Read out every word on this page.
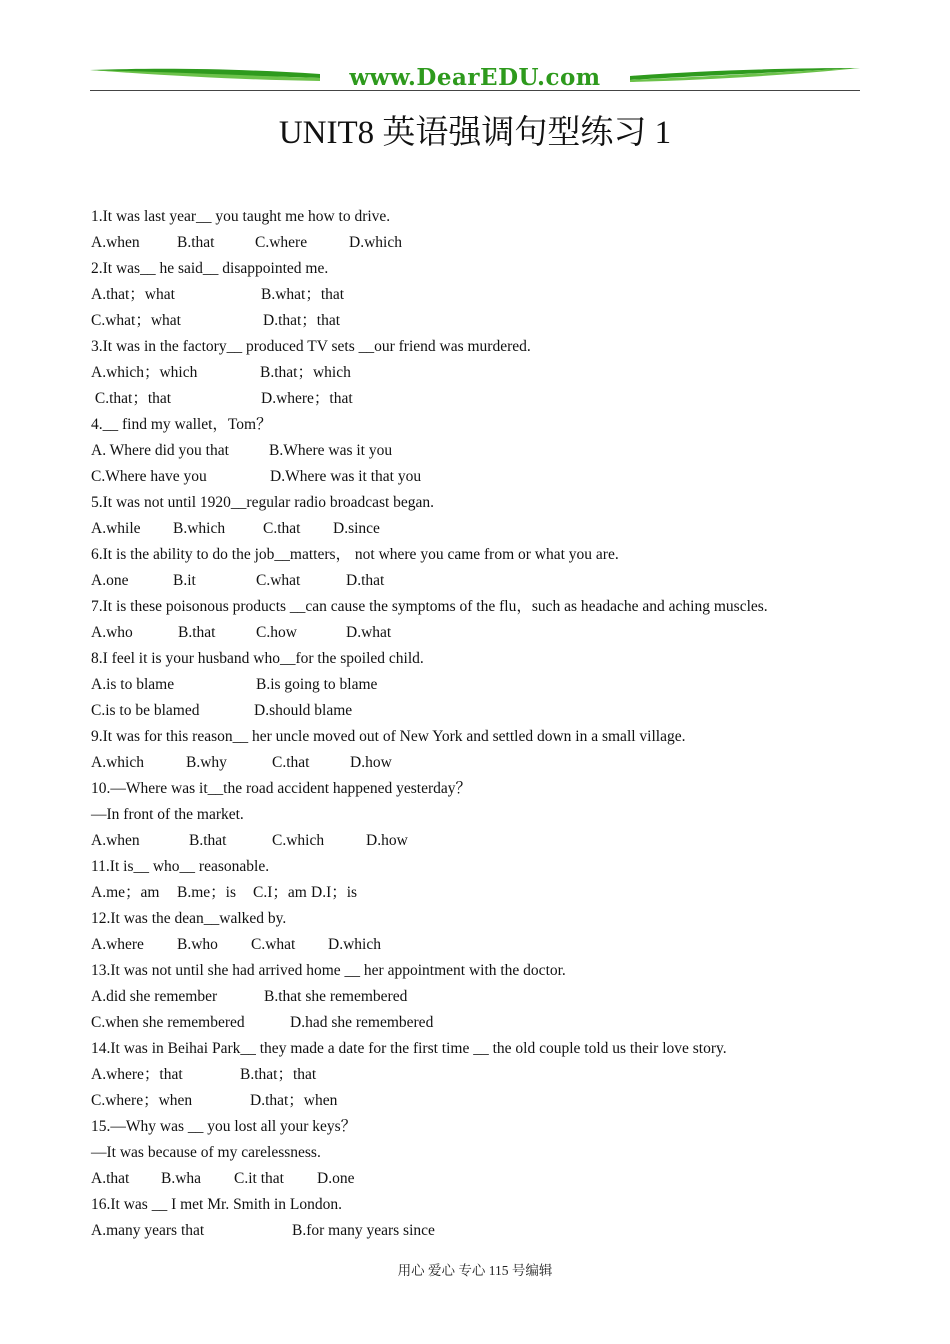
www.DearEDU.com
UNIT8 英语强调句型练习 1
1.It was last year__ you taught me how to drive.
A.when	B.that	C.where	D.which
2.It was__ he said__ disappointed me.
A.that；what	B.what；that
C.what；what	D.that；that
3.It was in the factory__ produced TV sets __our friend was murdered.
A.which；which	B.that；which
C.that；that	D.where；that
4.__ find my wallet，Tom？
A. Where did you that	B.Where was it you
C.Where have you	D.Where was it that you
5.It was not until 1920__regular radio broadcast began.
A.while	B.which	C.that	D.since
6.It is the ability to do the job__matters， not where you came from or what you are.
A.one	B.it	C.what	D.that
7.It is these poisonous products __can cause the symptoms of the flu，such as headache and aching muscles.
A.who	B.that	C.how	D.what
8.I feel it is your husband who__for the spoiled child.
A.is to blame	B.is going to blame
C.is to be blamed	D.should blame
9.It was for this reason__ her uncle moved out of New York and settled down in a small village.
A.which	B.why	C.that	D.how
10.—Where was it__the road accident happened yesterday？
—In front of the market.
A.when	B.that	C.which	D.how
11.It is__ who__ reasonable.
A.me；am	B.me；is	C.I；am D.I；is
12.It was the dean__walked by.
A.where	B.who	C.what	D.which
13.It was not until she had arrived home __ her appointment with the doctor.
A.did she remember	B.that she remembered
C.when she remembered	D.had she remembered
14.It was in Beihai Park__ they made a date for the first time __ the old couple told us their love story.
A.where；that	B.that；that
C.where；when	D.that；when
15.—Why was __ you lost all your keys？
—It was because of my carelessness.
A.that	B.wha	C.it that	D.one
16.It was __ I met Mr. Smith in London.
A.many years that	B.for many years since
用心 爱心 专心 115 号编辑
